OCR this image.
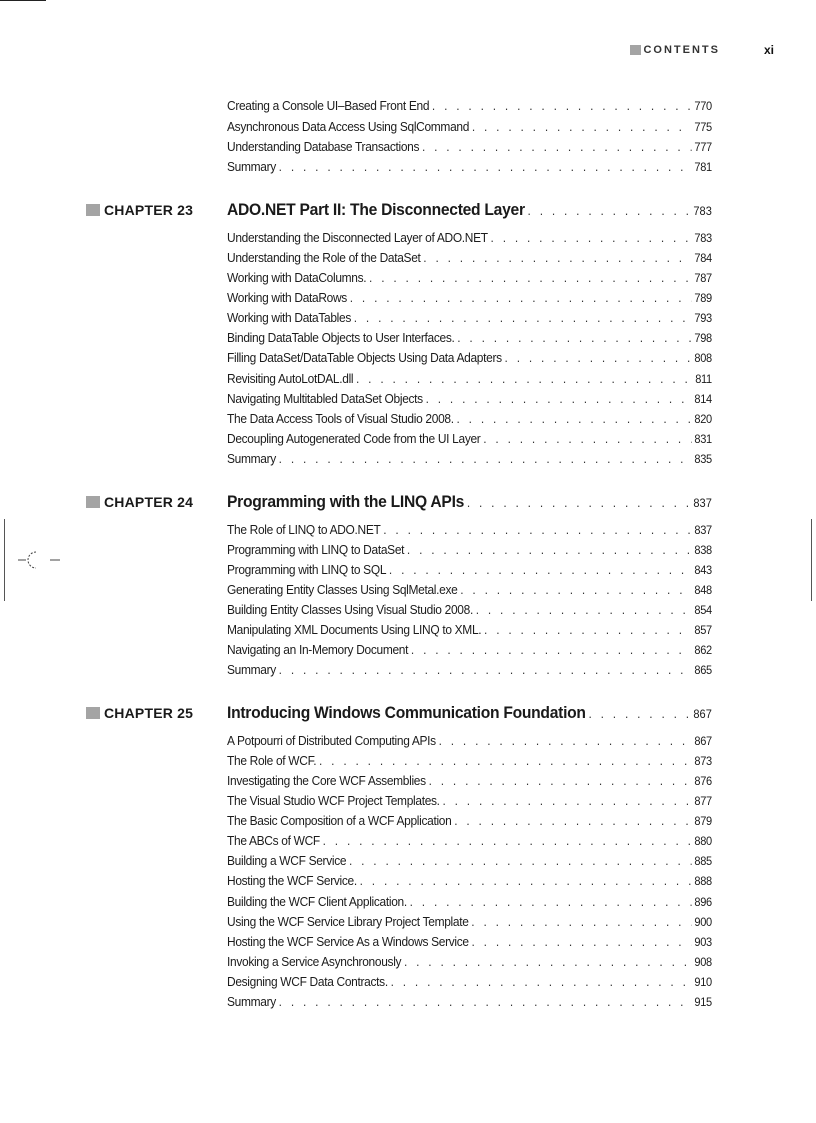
CONTENTS	xi
Creating a Console UI–Based Front End . . .	770
Asynchronous Data Access Using SqlCommand . . .	775
Understanding Database Transactions . . .	777
Summary . . .	781
CHAPTER 23 ADO.NET Part II: The Disconnected Layer . . .	783
Understanding the Disconnected Layer of ADO.NET . . .	783
Understanding the Role of the DataSet . . .	784
Working with DataColumns. . . .	787
Working with DataRows . . .	789
Working with DataTables . . .	793
Binding DataTable Objects to User Interfaces. . . .	798
Filling DataSet/DataTable Objects Using Data Adapters . . .	808
Revisiting AutoLotDAL.dll . . .	811
Navigating Multitabled DataSet Objects . . .	814
The Data Access Tools of Visual Studio 2008. . . .	820
Decoupling Autogenerated Code from the UI Layer . . .	831
Summary . . .	835
CHAPTER 24 Programming with the LINQ APIs . . .	837
The Role of LINQ to ADO.NET . . .	837
Programming with LINQ to DataSet . . .	838
Programming with LINQ to SQL . . .	843
Generating Entity Classes Using SqlMetal.exe . . .	848
Building Entity Classes Using Visual Studio 2008. . . .	854
Manipulating XML Documents Using LINQ to XML. . . .	857
Navigating an In-Memory Document . . .	862
Summary . . .	865
CHAPTER 25 Introducing Windows Communication Foundation . . .	867
A Potpourri of Distributed Computing APIs . . .	867
The Role of WCF. . . .	873
Investigating the Core WCF Assemblies . . .	876
The Visual Studio WCF Project Templates. . . .	877
The Basic Composition of a WCF Application . . .	879
The ABCs of WCF . . .	880
Building a WCF Service . . .	885
Hosting the WCF Service. . . .	888
Building the WCF Client Application. . . .	896
Using the WCF Service Library Project Template . . .	900
Hosting the WCF Service As a Windows Service . . .	903
Invoking a Service Asynchronously . . .	908
Designing WCF Data Contracts. . . .	910
Summary . . .	915
